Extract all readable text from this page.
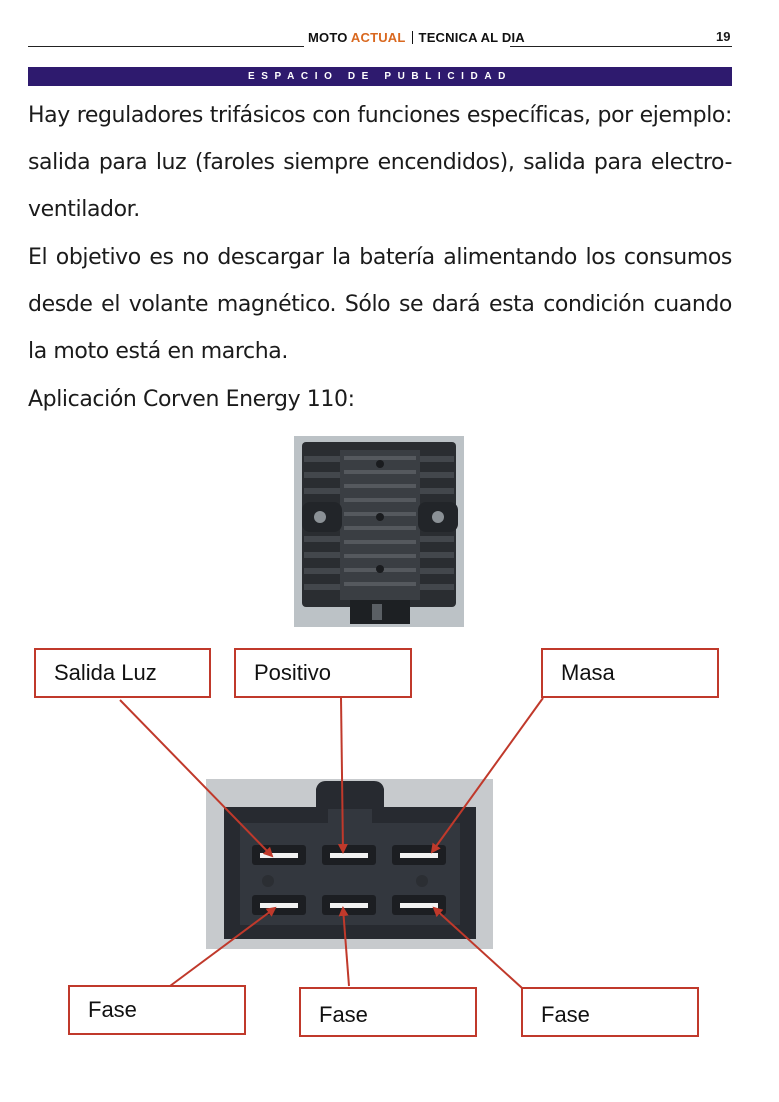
MOTO ACTUAL TECNICA AL DIA	19
ESPACIO DE PUBLICIDAD

Hay reguladores trifásicos con funciones específicas, por ejemplo: salida para luz (faroles siempre encendidos), salida para electro-ventilador.

El objetivo es no descargar la batería alimentando los consumos desde el volante magnético. Sólo se dará esta condición cuando la moto está en marcha.

Aplicación Corven Energy 110:

Salida Luz	Positivo	Masa
Fase	Fase	Fase
